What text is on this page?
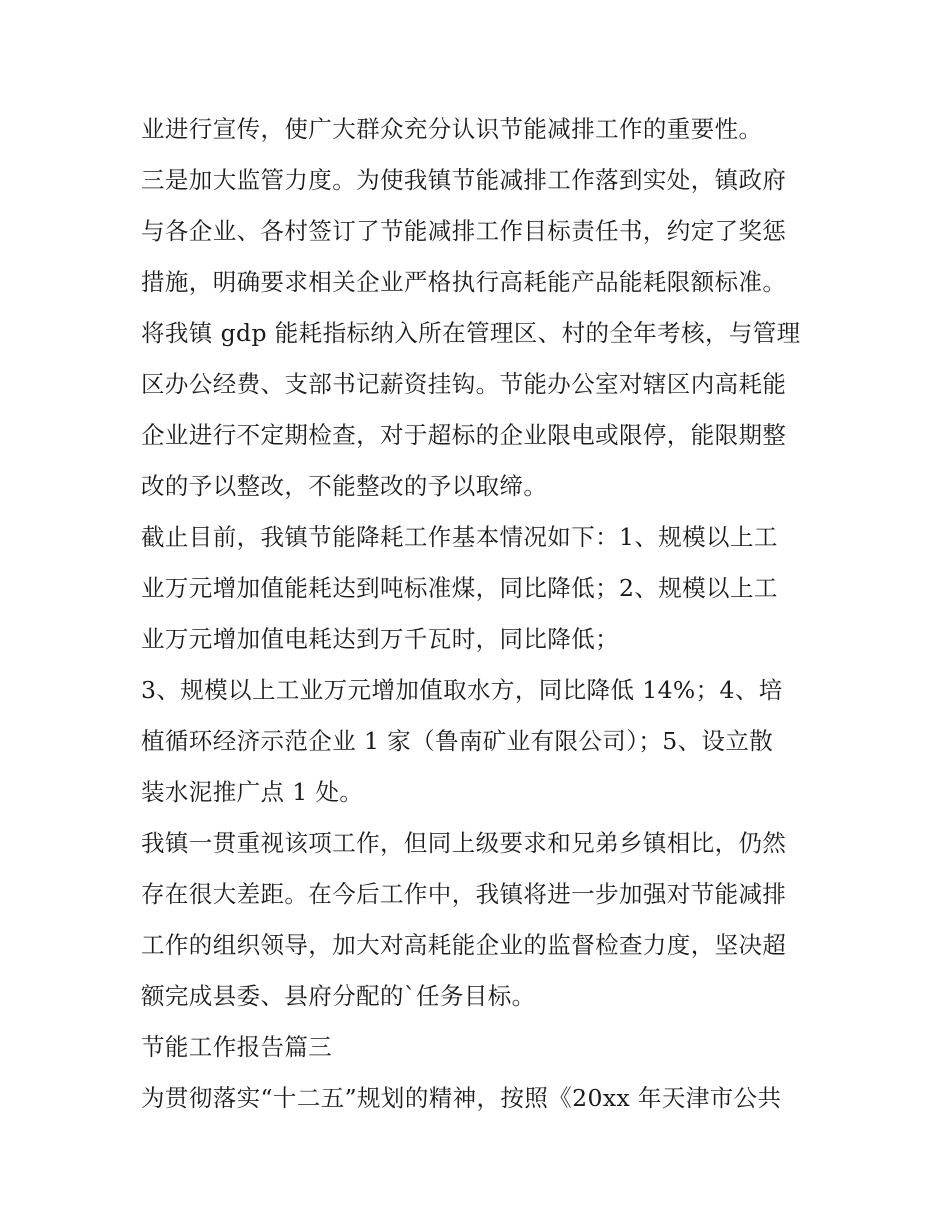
业进行宣传，使广大群众充分认识节能减排工作的重要性。
三是加大监管力度。为使我镇节能减排工作落到实处，镇政府
与各企业、各村签订了节能减排工作目标责任书，约定了奖惩
措施，明确要求相关企业严格执行高耗能产品能耗限额标准。
将我镇 gdp 能耗指标纳入所在管理区、村的全年考核，与管理
区办公经费、支部书记薪资挂钩。节能办公室对辖区内高耗能
企业进行不定期检查，对于超标的企业限电或限停，能限期整
改的予以整改，不能整改的予以取缔。
截止目前，我镇节能降耗工作基本情况如下：1、规模以上工
业万元增加值能耗达到吨标准煤，同比降低；2、规模以上工
业万元增加值电耗达到万千瓦时，同比降低；
3、规模以上工业万元增加值取水方，同比降低 14%；4、培
植循环经济示范企业 1 家（鲁南矿业有限公司）；5、设立散
装水泥推广点 1 处。
我镇一贯重视该项工作，但同上级要求和兄弟乡镇相比，仍然
存在很大差距。在今后工作中，我镇将进一步加强对节能减排
工作的组织领导，加大对高耗能企业的监督检查力度，坚决超
额完成县委、县府分配的`任务目标。
节能工作报告篇三
为贯彻落实“十二五”规划的精神，按照《20xx 年天津市公共
